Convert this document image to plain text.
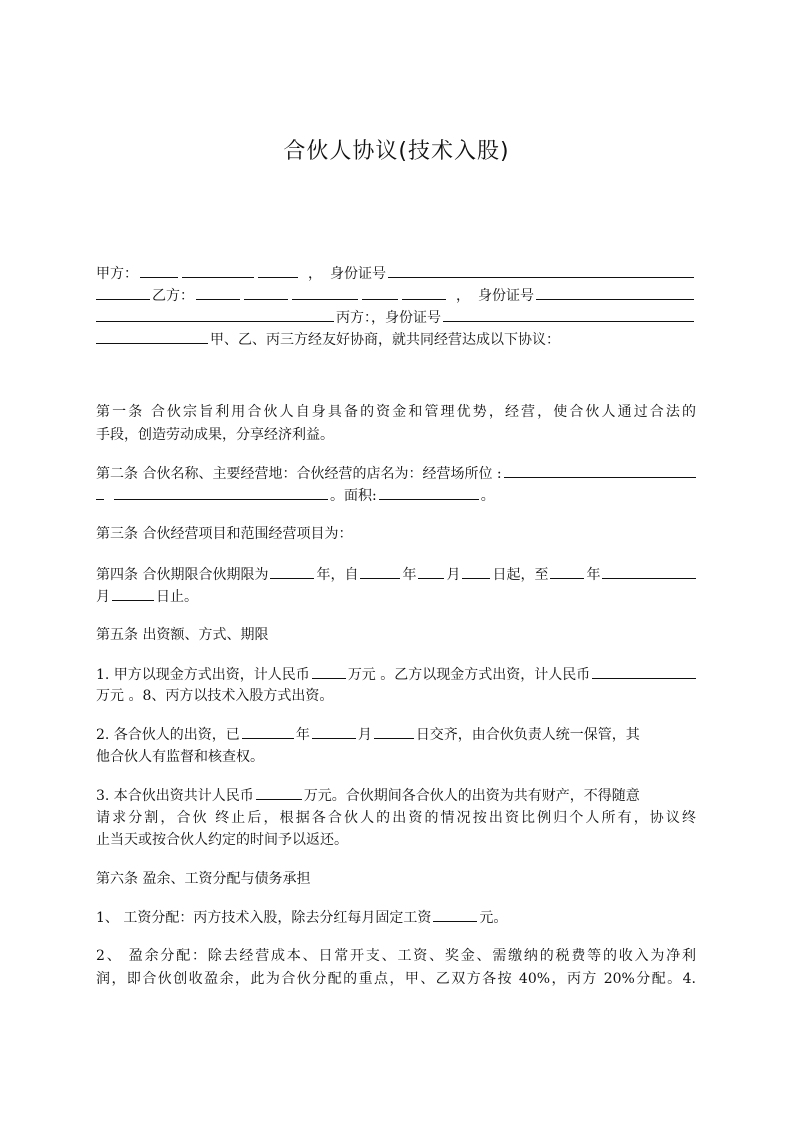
合伙人协议(技术入股)
甲方：	， 身份证号
乙方：	， 身份证号
丙方：，身份证号
甲、乙、丙三方经友好协商，就共同经营达成以下协议：
第一条 合伙宗旨利用合伙人自身具备的资金和管理优势，经营，使合伙人通过合法的
手段，创造劳动成果，分享经济利益。
第二条 合伙名称、主要经营地：合伙经营的店名为：经营场所位 :
。面积:	。
第三条 合伙经营项目和范围经营项目为：
第四条 合伙期限合伙期限为	年，自	年 月 日起，至	年
月	日止。
第五条 出资额、方式、期限
1. 甲方以现金方式出资，计人民币	万元 。乙方以现金方式出资，计人民币
万元 。8、丙方以技术入股方式出资。
2. 各合伙人的出资，已	年	月	日交齐，由合伙负责人统一保管，其
他合伙人有监督和核查权。
3. 本合伙出资共计人民币	万元。合伙期间各合伙人的出资为共有财产，不得随意
请求分割，合伙 终止后，根据各合伙人的出资的情况按出资比例归个人所有，协议终
止当天或按合伙人约定的时间予以返还。
第六条 盈余、工资分配与债务承担
1、 工资分配：丙方技术入股，除去分红每月固定工资	元。
2、 盈余分配：除去经营成本、日常开支、工资、奖金、需缴纳的税费等的收入为净利
润，即合伙创收盈余，此为合伙分配的重点，甲、乙双方各按 40%，丙方 20%分配。4.
